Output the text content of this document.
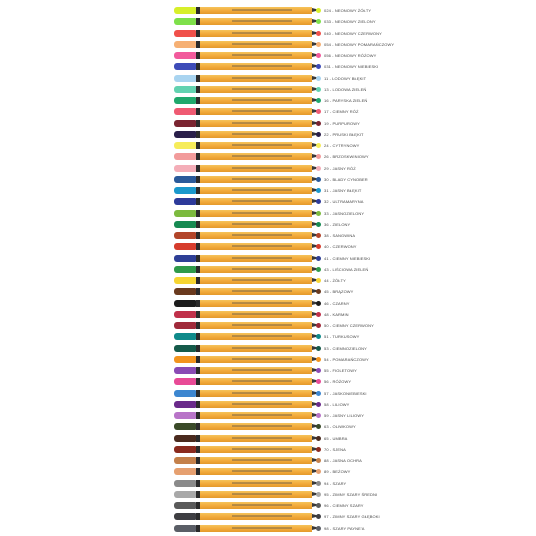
024 - NEONOWY ŻÓŁTY
033 - NEONOWY ZIELONY
040 - NEONOWY CZERWONY
054 - NEONOWY POMARAŃCZOWY
056 - NEONOWY RÓŻOWY
031 - NEONOWY NIEBIESKI
11 - LODOWY BŁĘKIT
13 - LODOWA ZIELEŃ
16 - PARYSKA ZIELEŃ
17 - CIEMNY RÓŻ
19 - PURPUROWY
22 - PRUSKI BŁĘKIT
24 - CYTRYNOWY
26 - BRZOSKWINIOWY
29 - JASNY RÓŻ
30 - BLADY CYNOBER
31 - JASNY BŁĘKIT
32 - ULTRAMARYNA
33 - JASNOZIELONY
36 - ZIELONY
38 - SANGWINA
40 - CZERWONY
41 - CIEMNY NIEBIESKI
43 - LIŚCIOWA ZIELEŃ
44 - ŻÓŁTY
45 - BRĄZOWY
46 - CZARNY
48 - KARMIN
50 - CIEMNY CZERWONY
51 - TURKUSOWY
53 - CIEMNOZIELONY
54 - POMARAŃCZOWY
55 - FIOLETOWY
56 - RÓŻOWY
57 - JASKONIEBIESKI
58 - LILIOWY
59 - JASNY LILIOWY
63 - OLIWKOWY
65 - UMBRA
70 - SJENA
88 - JASNA OCHRA
89 - BEŻOWY
94 - SZARY
95 - ZIMNY SZARY ŚREDNI
96 - CIEMNY SZARY
97 - ZIMNY SZARY GŁĘBOKI
98 - SZARY PAYNE'A
